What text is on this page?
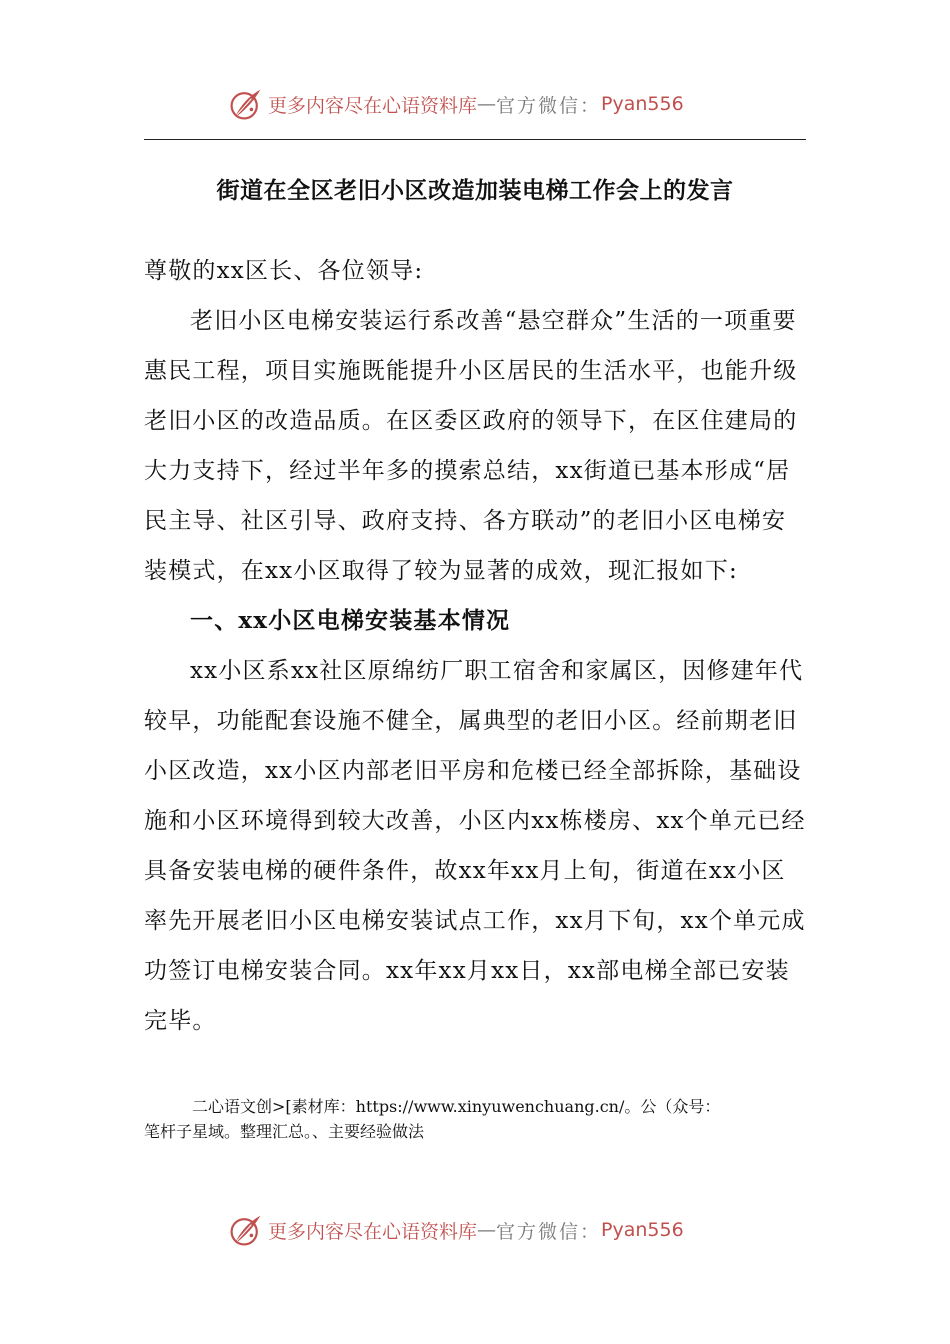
更多内容尽在心语资料库 — 官方微信： Pyan556
街道在全区老旧小区改造加装电梯工作会上的发言

尊敬的xx区长、各位领导:

老旧小区电梯安装运行系改善“悬空群众”生活的一项重要惠民工程，项目实施既能提升小区居民的生活水平，也能升级老旧小区的改造品质。在区委区政府的领导下，在区住建局的大力支持下，经过半年多的摸索总结，xx街道已基本形成“居民主导、社区引导、政府支持、各方联动”的老旧小区电梯安装模式，在xx小区取得了较为显著的成效，现汇报如下:

一、xx小区电梯安装基本情况

xx小区系xx社区原绵纺厂职工宿舍和家属区，因修建年代较早，功能配套设施不健全，属典型的老旧小区。经前期老旧小区改造，xx小区内部老旧平房和危楼已经全部拆除，基础设施和小区环境得到较大改善，小区内xx栋楼房、xx个单元已经具备安装电梯的硬件条件，故xx年xx月上旬，街道在xx小区率先开展老旧小区电梯安装试点工作，xx月下旬，xx个单元成功签订电梯安装合同。xx年xx月xx日，xx部电梯全部已安装完毕。

二心语文创>[素材库：https://www.xinyuwenchuang.cn/。公（众号：

笔杆子星域。整理汇总。、主要经验做法

更多内容尽在心语资料库 — 官方微信： Pyan556
